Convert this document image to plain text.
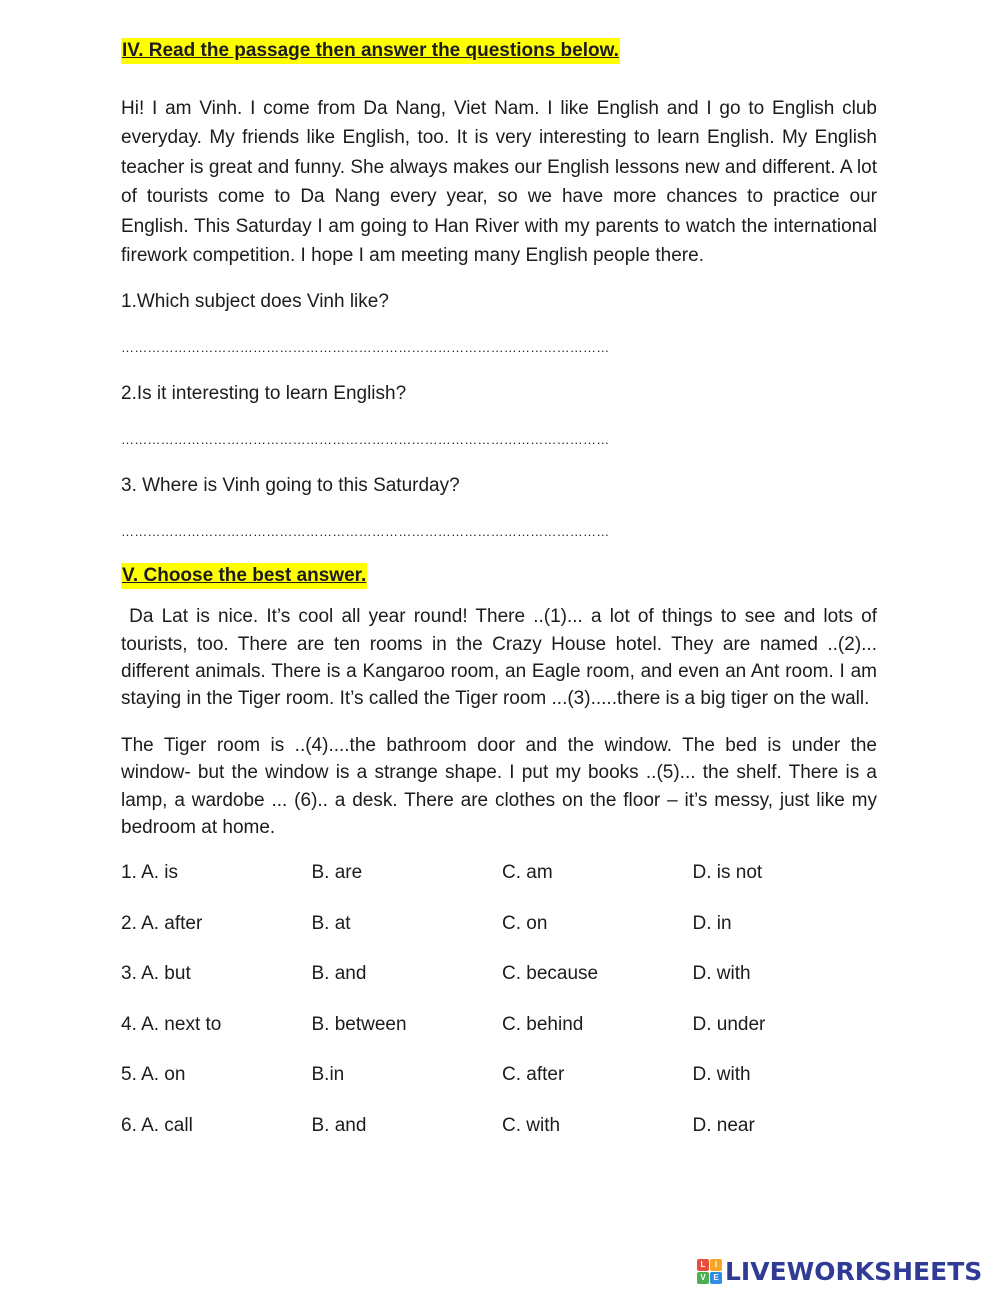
IV. Read the passage then answer the questions below.

Hi! I am Vinh. I come from Da Nang, Viet Nam. I like English and I go to English club everyday. My friends like English, too. It is very interesting to learn English. My English teacher is great and funny. She always makes our English lessons new and different. A lot of tourists come to Da Nang every year, so we have more chances to practice our English. This Saturday I am going to Han River with my parents to watch the international firework competition. I hope I am meeting many English people there.

1.Which subject does Vinh like?

…………………………………………………………………………………………………

2.Is it interesting to learn English?

…………………………………………………………………………………………………

3. Where is Vinh going to this Saturday?

…………………………………………………………………………………………………

V. Choose the best answer.

Da Lat is nice. It’s cool all year round! There ..(1)... a lot of things to see and lots of tourists, too. There are ten rooms in the Crazy House hotel. They are named ..(2)... different animals. There is a Kangaroo room, an Eagle room, and even an Ant room. I am staying in the Tiger room. It’s called the Tiger room ...(3).....there is a big tiger on the wall.

The Tiger room is ..(4)....the bathroom door and the window. The bed is under the window- but the window is a strange shape. I put my books ..(5)... the shelf. There is a lamp, a wardobe ... (6).. a desk. There are clothes on the floor – it’s messy, just like my bedroom at home.

1. A. is	B. are	C. am	D. is not
2. A. after	B. at	C. on	D. in
3. A. but	B. and	C. because	D. with
4. A. next to	B. between	C. behind	D. under
5. A. on	B.in	C. after	D. with
6. A. call	B. and	C. with	D. near
L	I
V E LIVEWORKSHEETS
